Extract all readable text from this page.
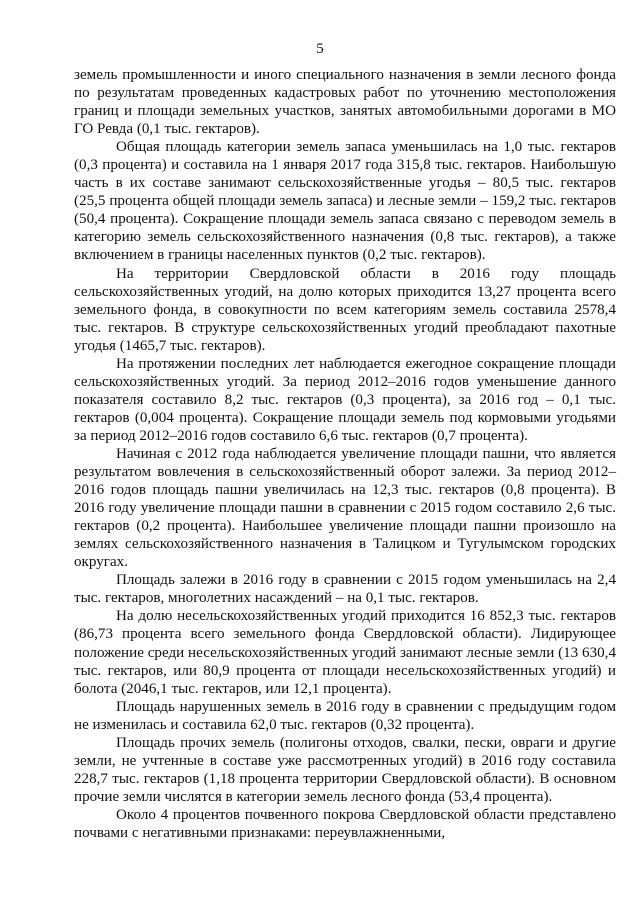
5

земель промышленности и иного специального назначения в земли лесного фонда по результатам проведенных кадастровых работ по уточнению местоположения границ и площади земельных участков, занятых автомобильными дорогами в МО ГО Ревда (0,1 тыс. гектаров).

Общая площадь категории земель запаса уменьшилась на 1,0 тыс. гектаров (0,3 процента) и составила на 1 января 2017 года 315,8 тыс. гектаров. Наибольшую часть в их составе занимают сельскохозяйственные угодья – 80,5 тыс. гектаров (25,5 процента общей площади земель запаса) и лесные земли – 159,2 тыс. гектаров (50,4 процента). Сокращение площади земель запаса связано с переводом земель в категорию земель сельскохозяйственного назначения (0,8 тыс. гектаров), а также включением в границы населенных пунктов (0,2 тыс. гектаров).

На территории Свердловской области в 2016 году площадь сельскохозяйственных угодий, на долю которых приходится 13,27 процента всего земельного фонда, в совокупности по всем категориям земель составила 2578,4 тыс. гектаров. В структуре сельскохозяйственных угодий преобладают пахотные угодья (1465,7 тыс. гектаров).

На протяжении последних лет наблюдается ежегодное сокращение площади сельскохозяйственных угодий. За период 2012–2016 годов уменьшение данного показателя составило 8,2 тыс. гектаров (0,3 процента), за 2016 год – 0,1 тыс. гектаров (0,004 процента). Сокращение площади земель под кормовыми угодьями за период 2012–2016 годов составило 6,6 тыс. гектаров (0,7 процента).

Начиная с 2012 года наблюдается увеличение площади пашни, что является результатом вовлечения в сельскохозяйственный оборот залежи. За период 2012–2016 годов площадь пашни увеличилась на 12,3 тыс. гектаров (0,8 процента). В 2016 году увеличение площади пашни в сравнении с 2015 годом составило 2,6 тыс. гектаров (0,2 процента). Наибольшее увеличение площади пашни произошло на землях сельскохозяйственного назначения в Талицком и Тугулымском городских округах.

Площадь залежи в 2016 году в сравнении с 2015 годом уменьшилась на 2,4 тыс. гектаров, многолетних насаждений – на 0,1 тыс. гектаров.

На долю несельскохозяйственных угодий приходится 16 852,3 тыс. гектаров (86,73 процента всего земельного фонда Свердловской области). Лидирующее положение среди несельскохозяйственных угодий занимают лесные земли (13 630,4 тыс. гектаров, или 80,9 процента от площади несельскохозяйственных угодий) и болота (2046,1 тыс. гектаров, или 12,1 процента).

Площадь нарушенных земель в 2016 году в сравнении с предыдущим годом не изменилась и составила 62,0 тыс. гектаров (0,32 процента).

Площадь прочих земель (полигоны отходов, свалки, пески, овраги и другие земли, не учтенные в составе уже рассмотренных угодий) в 2016 году составила 228,7 тыс. гектаров (1,18 процента территории Свердловской области). В основном прочие земли числятся в категории земель лесного фонда (53,4 процента).

Около 4 процентов почвенного покрова Свердловской области представлено почвами с негативными признаками: переувлажненными,
